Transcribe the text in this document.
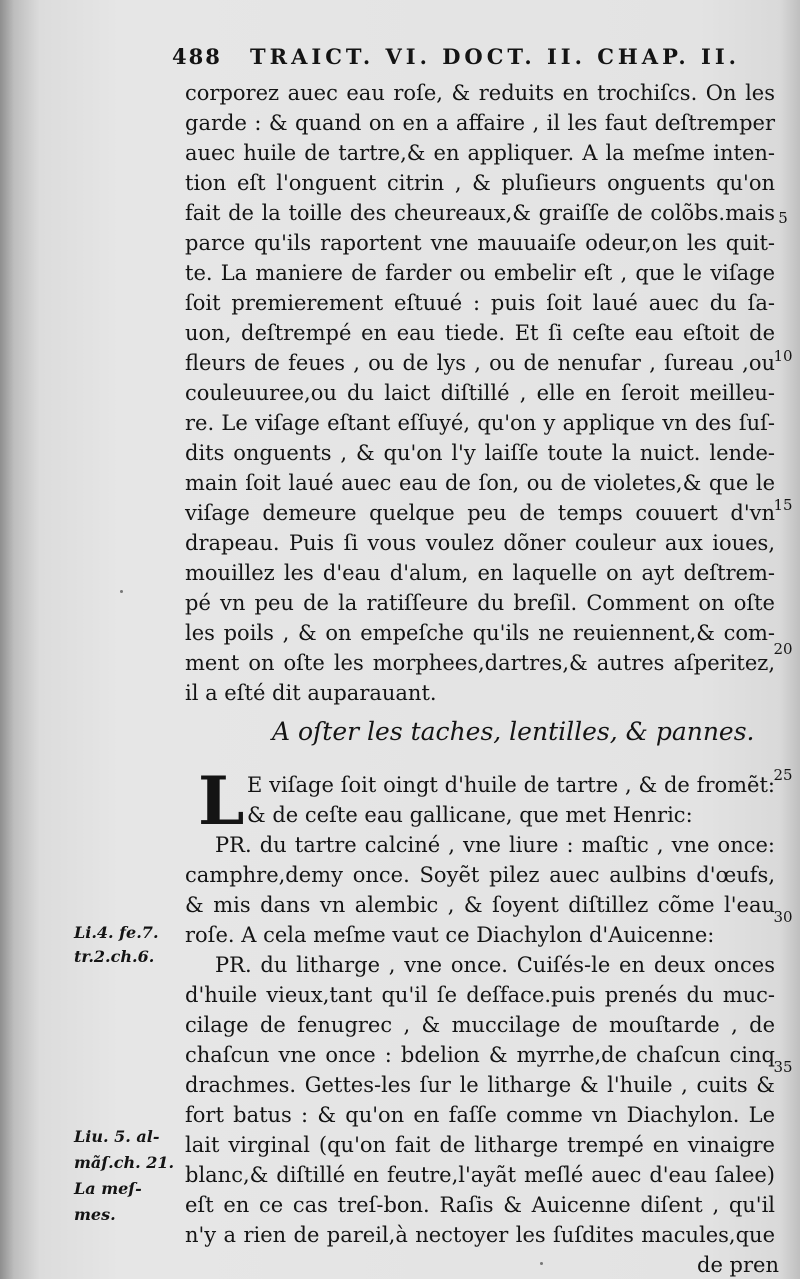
488 TRAICT. VI. DOCT. II. CHAP. II.
corporez auec eau roſe, & reduits en trochiſcs. On les
garde : & quand on en a affaire , il les faut deſtremper
auec huile de tartre,& en appliquer. A la meſme inten-
tion eſt l'onguent citrin , & pluſieurs onguents qu'on
fait de la toille des cheureaux,& graiſſe de colõbs.mais
parce qu'ils raportent vne mauuaiſe odeur,on les quit-
te. La maniere de farder ou embelir eſt , que le viſage
ſoit premierement eſtuué : puis ſoit laué auec du ſa-
uon, deſtrempé en eau tiede. Et ſi ceſte eau eſtoit de
fleurs de feues , ou de lys , ou de nenufar , ſureau ,ou
couleuuree,ou du laict diſtillé , elle en ſeroit meilleu-
re. Le viſage eſtant eſſuyé, qu'on y applique vn des ſuſ-
dits onguents , & qu'on l'y laiſſe toute la nuict. lende-
main ſoit laué auec eau de ſon, ou de violetes,& que le
viſage demeure quelque peu de temps couuert d'vn
drapeau. Puis ſi vous voulez dõner couleur aux ioues,
mouillez les d'eau d'alum, en laquelle on ayt deſtrem-
pé vn peu de la ratiſſeure du breſil. Comment on oſte
les poils , & on empeſche qu'ils ne reuiennent,& com-
ment on oſte les morphees,dartres,& autres aſperitez,
il a eſté dit auparauant.
A oſter les taches, lentilles, & pannes.
L E viſage ſoit oingt d'huile de tartre , & de fromẽt:
& de ceſte eau gallicane, que met Henric:
PR. du tartre calciné , vne liure : maſtic , vne once:
camphre,demy once. Soyẽt pilez auec aulbins d'œufs,
& mis dans vn alembic , & ſoyent diſtillez cõme l'eau
roſe. A cela meſme vaut ce Diachylon d'Auicenne:
PR. du litharge , vne once. Cuiſés-le en deux onces
d'huile vieux,tant qu'il ſe deſface.puis prenés du muc-
cilage de fenugrec , & muccilage de mouſtarde , de
chaſcun vne once : bdelion & myrrhe,de chaſcun cinq
drachmes. Gettes-les ſur le litharge & l'huile , cuits &
fort batus : & qu'on en faſſe comme vn Diachylon. Le
lait virginal (qu'on fait de litharge trempé en vinaigre
blanc,& diſtillé en feutre,l'ayãt meſlé auec d'eau ſalee)
eſt en ce cas treſ-bon. Raſis & Auicenne diſent , qu'il
n'y a rien de pareil,à nectoyer les ſuſdites macules,que
de pren
5
10
15
20
25
30
35
Li.4. fe.7.
tr.2.ch.6.
Liu. 5. al-
mãſ.ch. 21.
La meſ-
mes.
